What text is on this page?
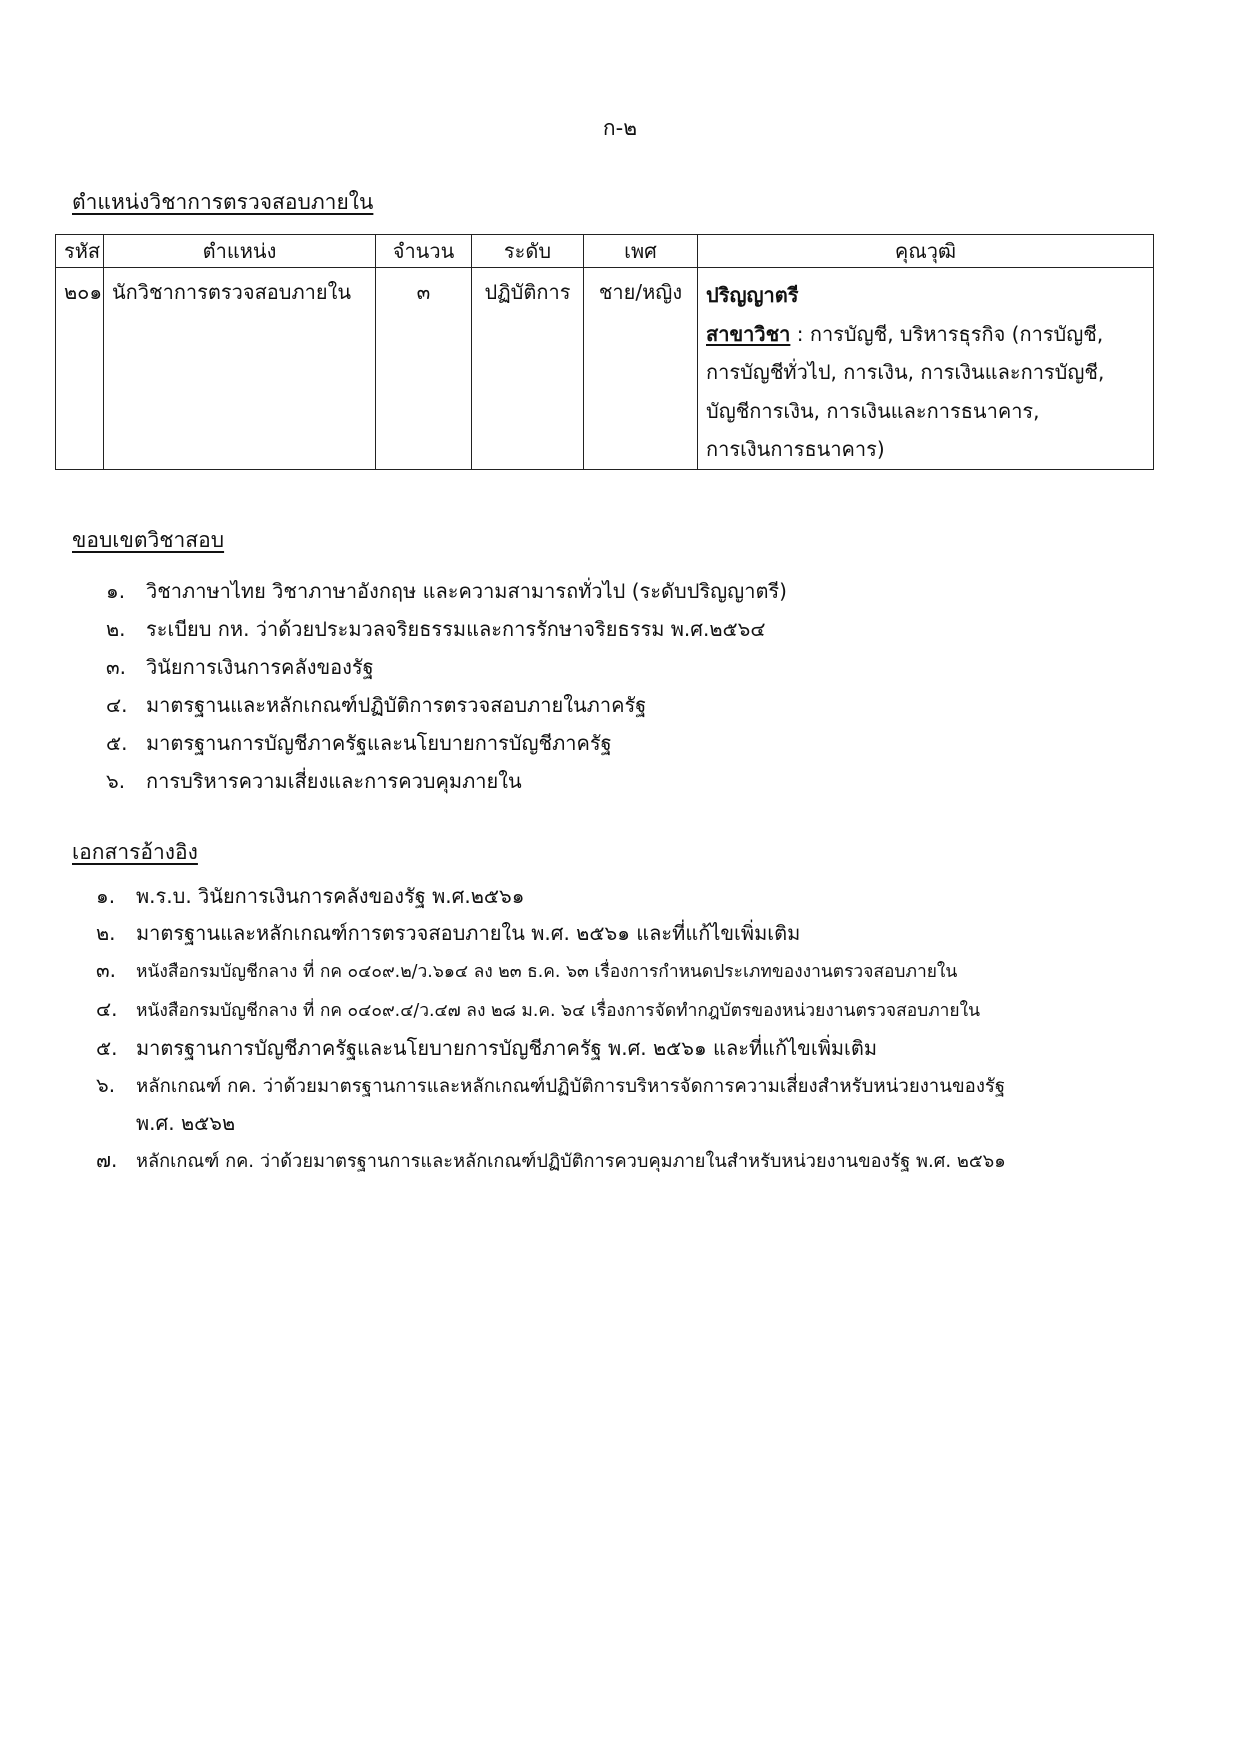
ก-๒
ตำแหน่งวิชาการตรวจสอบภายใน
รหัส	ตำแหน่ง	จำนวน	ระดับ	เพศ	คุณวุฒิ
๒๐๑	นักวิชาการตรวจสอบภายใน	๓	ปฏิบัติการ	ชาย/หญิง	ปริญญาตรี
สาขาวิชา : การบัญชี, บริหารธุรกิจ (การบัญชี,
การบัญชีทั่วไป, การเงิน, การเงินและการบัญชี,
บัญชีการเงิน, การเงินและการธนาคาร,
การเงินการธนาคาร)
ขอบเขตวิชาสอบ
๑. วิชาภาษาไทย วิชาภาษาอังกฤษ และความสามารถทั่วไป (ระดับปริญญาตรี)
๒. ระเบียบ กห. ว่าด้วยประมวลจริยธรรมและการรักษาจริยธรรม พ.ศ.๒๕๖๔
๓. วินัยการเงินการคลังของรัฐ
๔. มาตรฐานและหลักเกณฑ์ปฏิบัติการตรวจสอบภายในภาครัฐ
๕. มาตรฐานการบัญชีภาครัฐและนโยบายการบัญชีภาครัฐ
๖. การบริหารความเสี่ยงและการควบคุมภายใน
เอกสารอ้างอิง
๑. พ.ร.บ. วินัยการเงินการคลังของรัฐ พ.ศ.๒๕๖๑
๒. มาตรฐานและหลักเกณฑ์การตรวจสอบภายใน พ.ศ. ๒๕๖๑ และที่แก้ไขเพิ่มเติม
๓. หนังสือกรมบัญชีกลาง ที่ กค ๐๔๐๙.๒/ว.๖๑๔ ลง ๒๓ ธ.ค. ๖๓ เรื่องการกำหนดประเภทของงานตรวจสอบภายใน
๔. หนังสือกรมบัญชีกลาง ที่ กค ๐๔๐๙.๔/ว.๔๗ ลง ๒๘ ม.ค. ๖๔ เรื่องการจัดทำกฎบัตรของหน่วยงานตรวจสอบภายใน
๕. มาตรฐานการบัญชีภาครัฐและนโยบายการบัญชีภาครัฐ พ.ศ. ๒๕๖๑ และที่แก้ไขเพิ่มเติม
๖. หลักเกณฑ์ กค. ว่าด้วยมาตรฐานการและหลักเกณฑ์ปฏิบัติการบริหารจัดการความเสี่ยงสำหรับหน่วยงานของรัฐ
พ.ศ. ๒๕๖๒
๗. หลักเกณฑ์ กค. ว่าด้วยมาตรฐานการและหลักเกณฑ์ปฏิบัติการควบคุมภายในสำหรับหน่วยงานของรัฐ พ.ศ. ๒๕๖๑
